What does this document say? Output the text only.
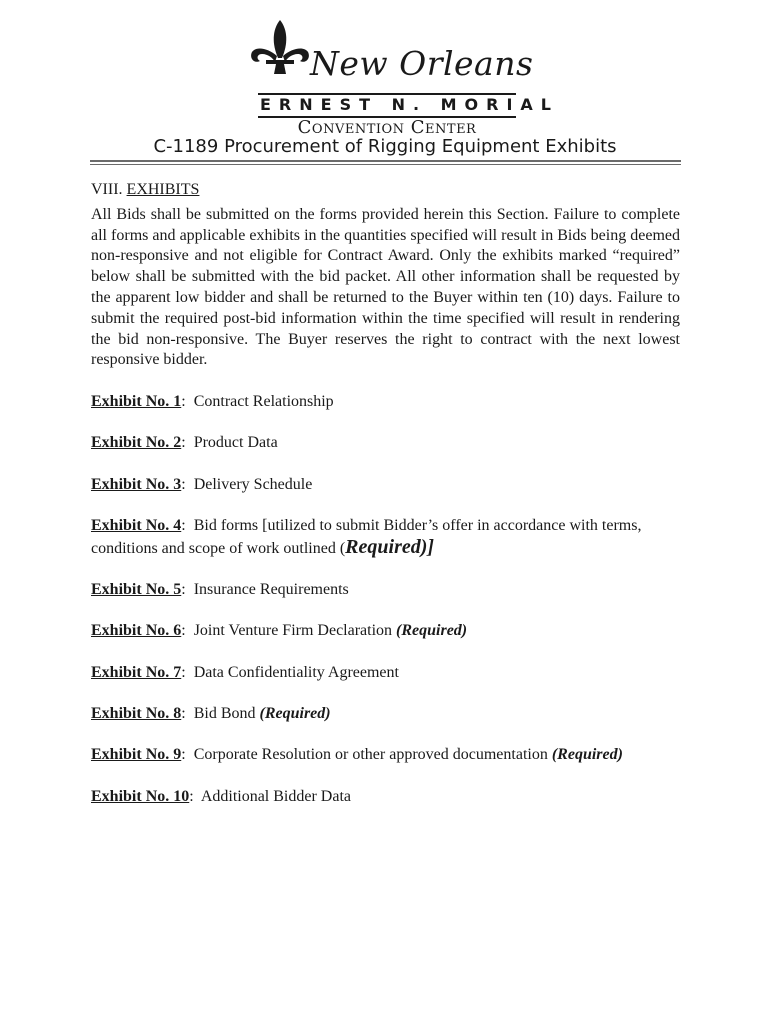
New Orleans
ERNEST N. MORIAL
Convention Center
C-1189 Procurement of Rigging Equipment Exhibits

VIII. EXHIBITS

All Bids shall be submitted on the forms provided herein this Section. Failure to complete all forms and applicable exhibits in the quantities specified will result in Bids being deemed non-responsive and not eligible for Contract Award. Only the exhibits marked “required” below shall be submitted with the bid packet. All other information shall be requested by the apparent low bidder and shall be returned to the Buyer within ten (10) days. Failure to submit the required post-bid information within the time specified will result in rendering the bid non-responsive. The Buyer reserves the right to contract with the next lowest responsive bidder.

Exhibit No. 1:  Contract Relationship

Exhibit No. 2:  Product Data

Exhibit No. 3:  Delivery Schedule

Exhibit No. 4:  Bid forms [utilized to submit Bidder’s offer in accordance with terms, conditions and scope of work outlined (Required)]

Exhibit No. 5:  Insurance Requirements

Exhibit No. 6:  Joint Venture Firm Declaration (Required)

Exhibit No. 7:  Data Confidentiality Agreement

Exhibit No. 8:  Bid Bond (Required)

Exhibit No. 9:  Corporate Resolution or other approved documentation (Required)

Exhibit No. 10:  Additional Bidder Data
